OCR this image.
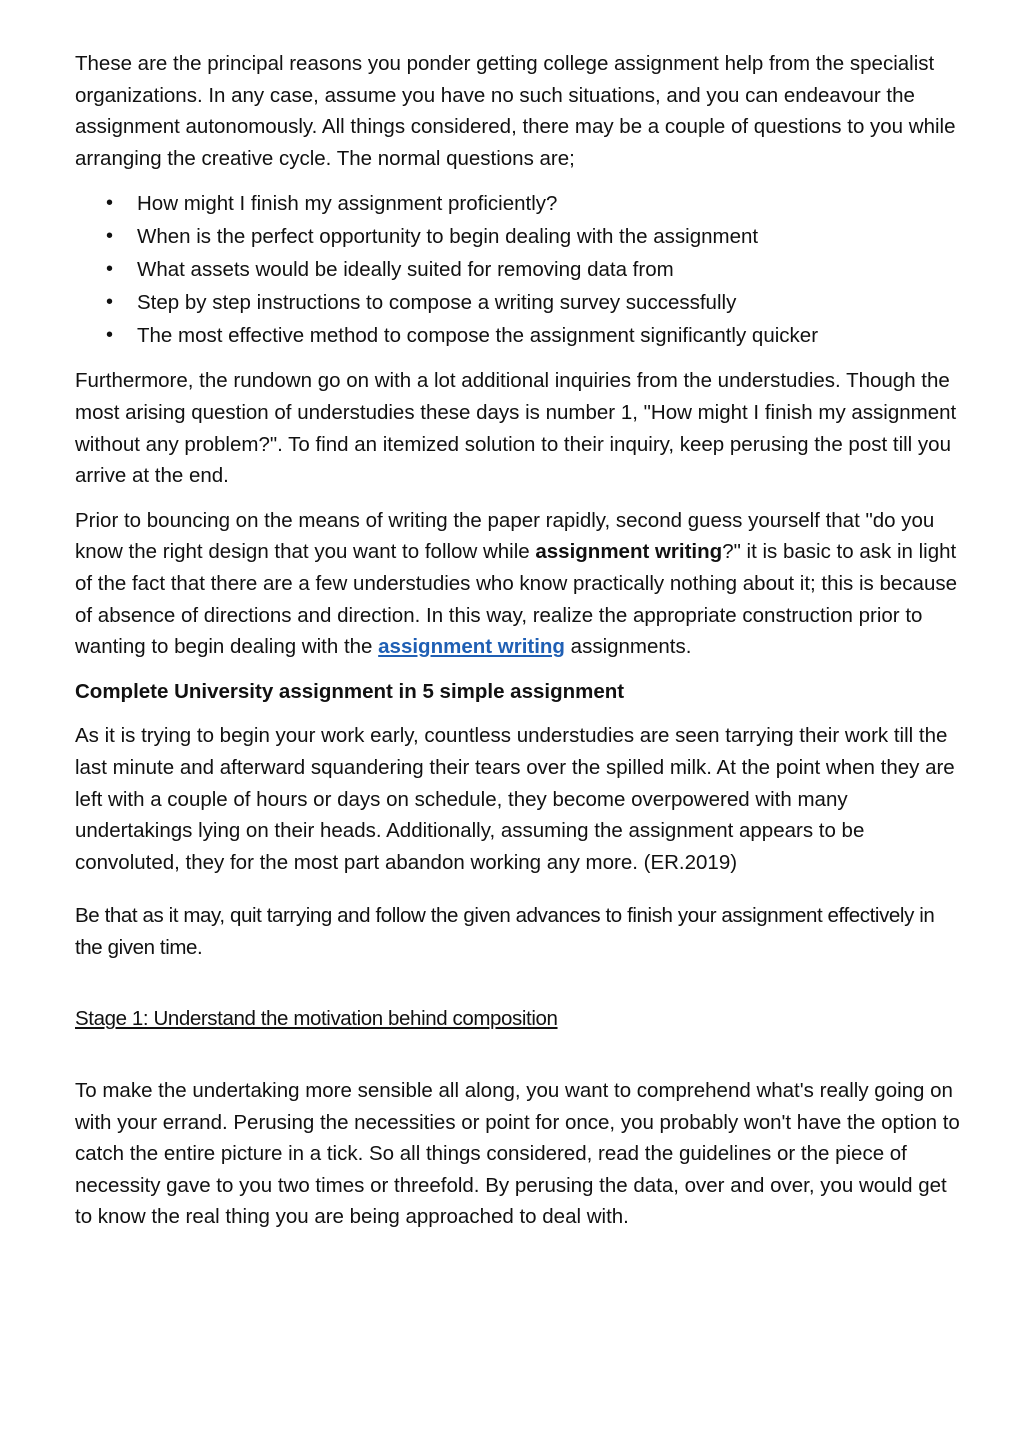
These are the principal reasons you ponder getting college assignment help from the specialist organizations. In any case, assume you have no such situations, and you can endeavour the assignment autonomously. All things considered, there may be a couple of questions to you while arranging the creative cycle. The normal questions are;

• How might I finish my assignment proficiently?
• When is the perfect opportunity to begin dealing with the assignment
• What assets would be ideally suited for removing data from
• Step by step instructions to compose a writing survey successfully
• The most effective method to compose the assignment significantly quicker

Furthermore, the rundown go on with a lot additional inquiries from the understudies. Though the most arising question of understudies these days is number 1, "How might I finish my assignment without any problem?". To find an itemized solution to their inquiry, keep perusing the post till you arrive at the end.

Prior to bouncing on the means of writing the paper rapidly, second guess yourself that "do you know the right design that you want to follow while assignment writing?" it is basic to ask in light of the fact that there are a few understudies who know practically nothing about it; this is because of absence of directions and direction. In this way, realize the appropriate construction prior to wanting to begin dealing with the assignment writing assignments.

Complete University assignment in 5 simple assignment

As it is trying to begin your work early, countless understudies are seen tarrying their work till the last minute and afterward squandering their tears over the spilled milk. At the point when they are left with a couple of hours or days on schedule, they become overpowered with many undertakings lying on their heads. Additionally, assuming the assignment appears to be convoluted, they for the most part abandon working any more. (ER.2019)

Be that as it may, quit tarrying and follow the given advances to finish your assignment effectively in the given time.

Stage 1: Understand the motivation behind composition

To make the undertaking more sensible all along, you want to comprehend what's really going on with your errand. Perusing the necessities or point for once, you probably won't have the option to catch the entire picture in a tick. So all things considered, read the guidelines or the piece of necessity gave to you two times or threefold. By perusing the data, over and over, you would get to know the real thing you are being approached to deal with.
